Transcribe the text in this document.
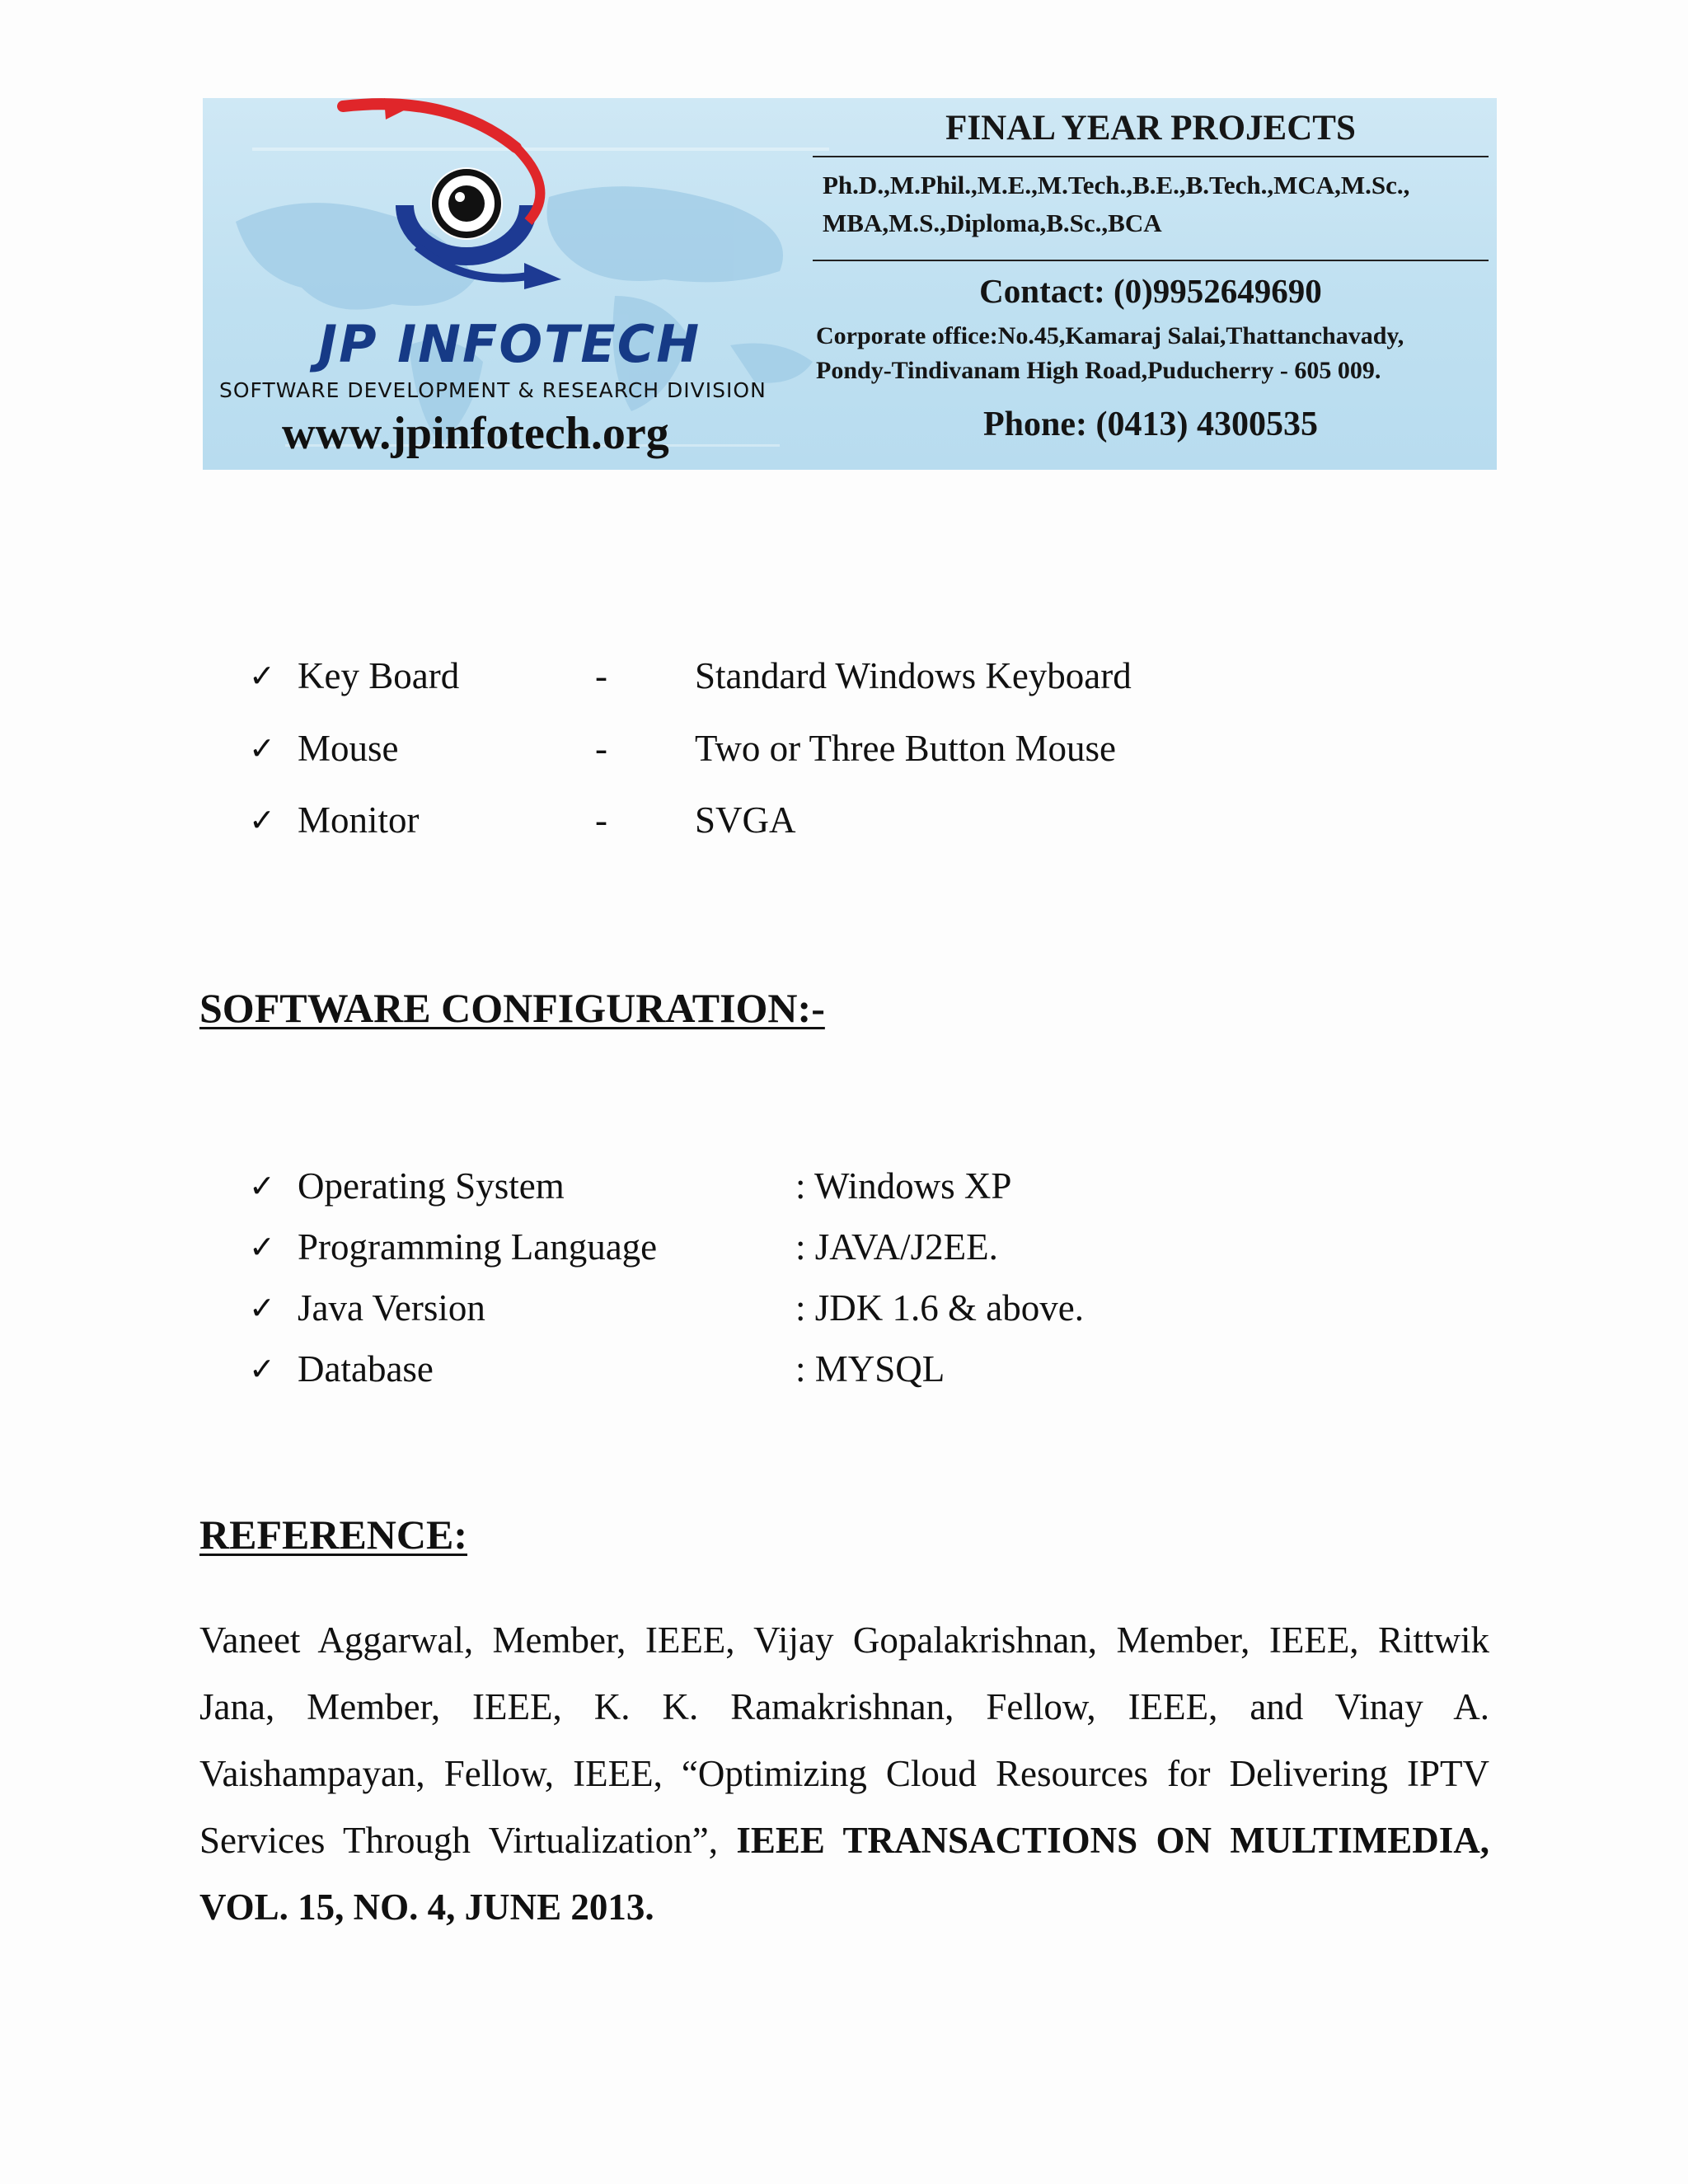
JP INFOTECH
SOFTWARE DEVELOPMENT & RESEARCH DIVISION
www.jpinfotech.org
FINAL YEAR PROJECTS
Ph.D.,M.Phil.,M.E.,M.Tech.,B.E.,B.Tech.,MCA,M.Sc.,
MBA,M.S.,Diploma,B.Sc.,BCA
Contact: (0)9952649690
Corporate office:No.45,Kamaraj Salai,Thattanchavady,
Pondy-Tindivanam High Road,Puducherry - 605 009.
Phone: (0413) 4300535
✓ Key Board	- Standard Windows Keyboard
✓ Mouse	- Two or Three Button Mouse
✓ Monitor	- SVGA
SOFTWARE CONFIGURATION:-
✓ Operating System	: Windows XP
✓ Programming Language	: JAVA/J2EE.
✓ Java Version	: JDK 1.6 & above.
✓ Database	: MYSQL
REFERENCE:
Vaneet Aggarwal, Member, IEEE, Vijay Gopalakrishnan, Member, IEEE, Rittwik Jana, Member, IEEE, K. K. Ramakrishnan, Fellow, IEEE, and Vinay A. Vaishampayan, Fellow, IEEE, “Optimizing Cloud Resources for Delivering IPTV Services Through Virtualization”, IEEE TRANSACTIONS ON MULTIMEDIA, VOL. 15, NO. 4, JUNE 2013.
